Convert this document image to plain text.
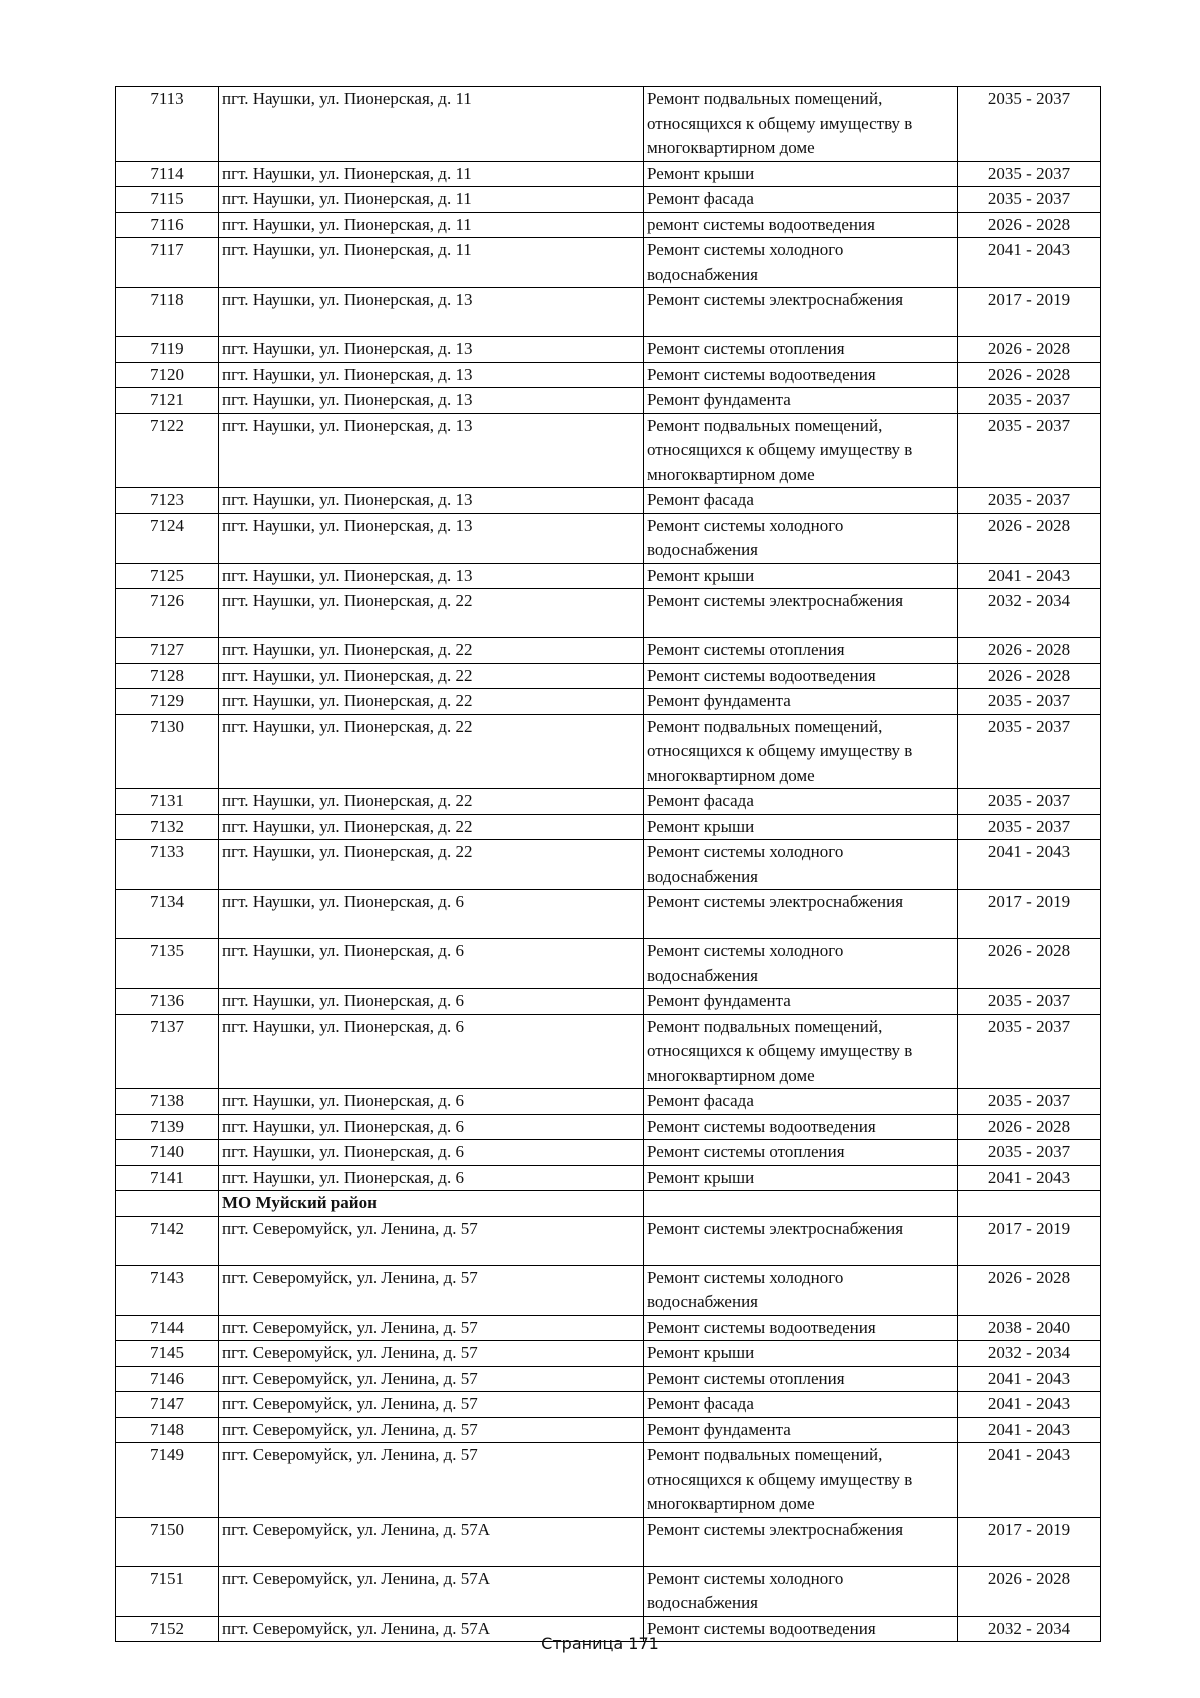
7113	пгт. Наушки, ул. Пионерская, д. 11	Ремонт подвальных помещений, относящихся к общему имуществу в многоквартирном доме	2035 - 2037
7114	пгт. Наушки, ул. Пионерская, д. 11	Ремонт крыши	2035 - 2037
7115	пгт. Наушки, ул. Пионерская, д. 11	Ремонт фасада	2035 - 2037
7116	пгт. Наушки, ул. Пионерская, д. 11	ремонт системы водоотведения	2026 - 2028
7117	пгт. Наушки, ул. Пионерская, д. 11	Ремонт системы холодного водоснабжения	2041 - 2043
7118	пгт. Наушки, ул. Пионерская, д. 13	Ремонт системы электроснабжения	2017 - 2019
7119	пгт. Наушки, ул. Пионерская, д. 13	Ремонт системы отопления	2026 - 2028
7120	пгт. Наушки, ул. Пионерская, д. 13	Ремонт системы водоотведения	2026 - 2028
7121	пгт. Наушки, ул. Пионерская, д. 13	Ремонт фундамента	2035 - 2037
7122	пгт. Наушки, ул. Пионерская, д. 13	Ремонт подвальных помещений, относящихся к общему имуществу в многоквартирном доме	2035 - 2037
7123	пгт. Наушки, ул. Пионерская, д. 13	Ремонт фасада	2035 - 2037
7124	пгт. Наушки, ул. Пионерская, д. 13	Ремонт системы холодного водоснабжения	2026 - 2028
7125	пгт. Наушки, ул. Пионерская, д. 13	Ремонт крыши	2041 - 2043
7126	пгт. Наушки, ул. Пионерская, д. 22	Ремонт системы электроснабжения	2032 - 2034
7127	пгт. Наушки, ул. Пионерская, д. 22	Ремонт системы отопления	2026 - 2028
7128	пгт. Наушки, ул. Пионерская, д. 22	Ремонт системы водоотведения	2026 - 2028
7129	пгт. Наушки, ул. Пионерская, д. 22	Ремонт фундамента	2035 - 2037
7130	пгт. Наушки, ул. Пионерская, д. 22	Ремонт подвальных помещений, относящихся к общему имуществу в многоквартирном доме	2035 - 2037
7131	пгт. Наушки, ул. Пионерская, д. 22	Ремонт фасада	2035 - 2037
7132	пгт. Наушки, ул. Пионерская, д. 22	Ремонт крыши	2035 - 2037
7133	пгт. Наушки, ул. Пионерская, д. 22	Ремонт системы холодного водоснабжения	2041 - 2043
7134	пгт. Наушки, ул. Пионерская, д. 6	Ремонт системы электроснабжения	2017 - 2019
7135	пгт. Наушки, ул. Пионерская, д. 6	Ремонт системы холодного водоснабжения	2026 - 2028
7136	пгт. Наушки, ул. Пионерская, д. 6	Ремонт фундамента	2035 - 2037
7137	пгт. Наушки, ул. Пионерская, д. 6	Ремонт подвальных помещений, относящихся к общему имуществу в многоквартирном доме	2035 - 2037
7138	пгт. Наушки, ул. Пионерская, д. 6	Ремонт фасада	2035 - 2037
7139	пгт. Наушки, ул. Пионерская, д. 6	Ремонт системы водоотведения	2026 - 2028
7140	пгт. Наушки, ул. Пионерская, д. 6	Ремонт системы отопления	2035 - 2037
7141	пгт. Наушки, ул. Пионерская, д. 6	Ремонт крыши	2041 - 2043
	МО Муйский район		
7142	пгт. Северомуйск, ул. Ленина, д. 57	Ремонт системы электроснабжения	2017 - 2019
7143	пгт. Северомуйск, ул. Ленина, д. 57	Ремонт системы холодного водоснабжения	2026 - 2028
7144	пгт. Северомуйск, ул. Ленина, д. 57	Ремонт системы водоотведения	2038 - 2040
7145	пгт. Северомуйск, ул. Ленина, д. 57	Ремонт крыши	2032 - 2034
7146	пгт. Северомуйск, ул. Ленина, д. 57	Ремонт системы отопления	2041 - 2043
7147	пгт. Северомуйск, ул. Ленина, д. 57	Ремонт фасада	2041 - 2043
7148	пгт. Северомуйск, ул. Ленина, д. 57	Ремонт фундамента	2041 - 2043
7149	пгт. Северомуйск, ул. Ленина, д. 57	Ремонт подвальных помещений, относящихся к общему имуществу в многоквартирном доме	2041 - 2043
7150	пгт. Северомуйск, ул. Ленина, д. 57А	Ремонт системы электроснабжения	2017 - 2019
7151	пгт. Северомуйск, ул. Ленина, д. 57А	Ремонт системы холодного водоснабжения	2026 - 2028
7152	пгт. Северомуйск, ул. Ленина, д. 57А	Ремонт системы водоотведения	2032 - 2034
Страница 171
